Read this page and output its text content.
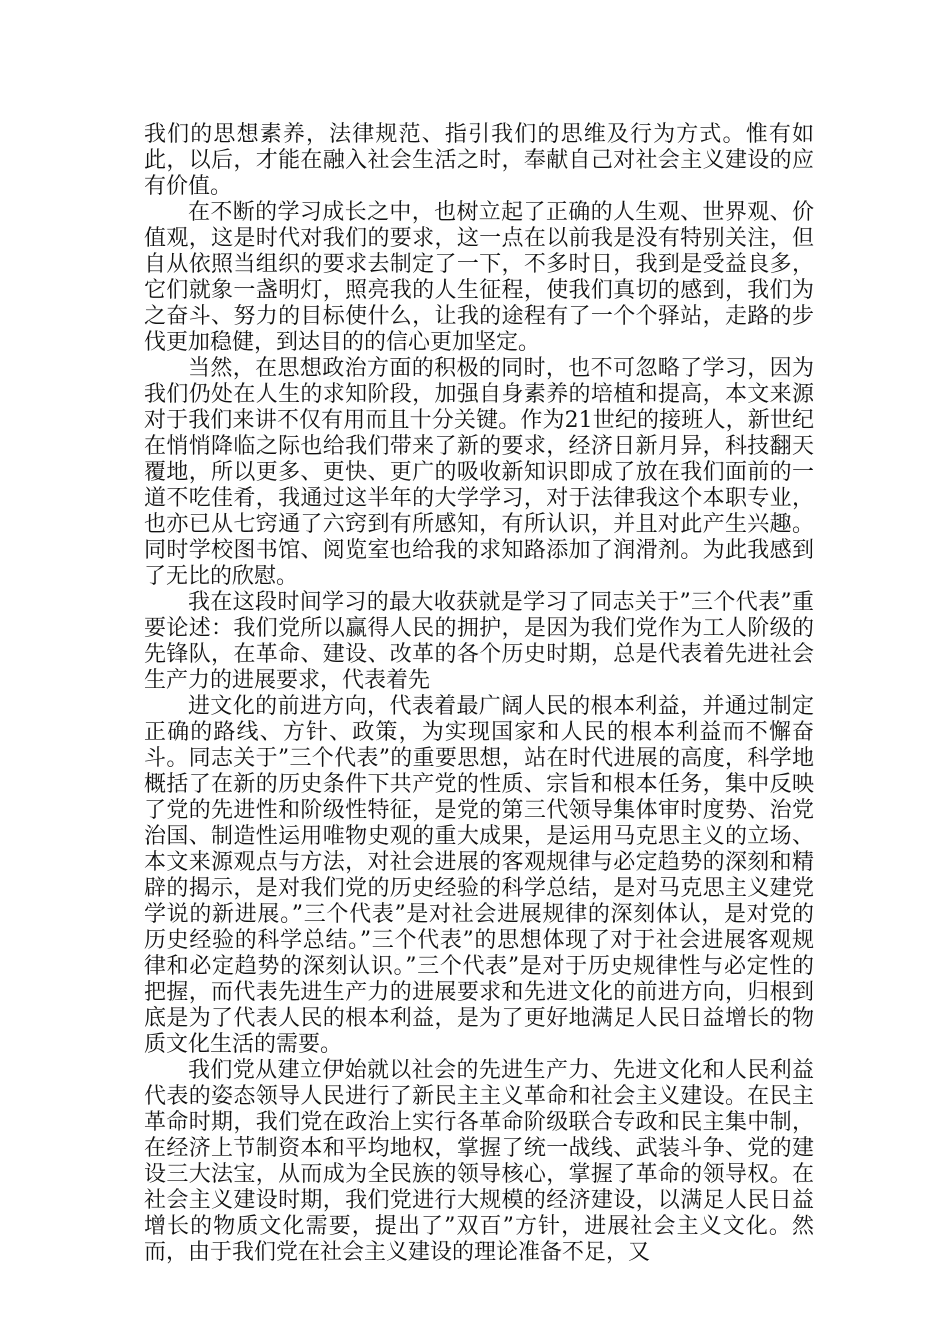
我们的思想素养，法律规范、指引我们的思维及行为方式。惟有如此，以后，才能在融入社会生活之时，奉献自己对社会主义建设的应有价值。

在不断的学习成长之中，也树立起了正确的人生观、世界观、价值观，这是时代对我们的要求，这一点在以前我是没有特别关注，但自从依照当组织的要求去制定了一下，不多时日，我到是受益良多，它们就象一盏明灯，照亮我的人生征程，使我们真切的感到，我们为之奋斗、努力的目标使什么，让我的途程有了一个个驿站，走路的步伐更加稳健，到达目的的信心更加坚定。

当然，在思想政治方面的积极的同时，也不可忽略了学习，因为我们仍处在人生的求知阶段，加强自身素养的培植和提高，本文来源对于我们来讲不仅有用而且十分关键。作为21世纪的接班人，新世纪在悄悄降临之际也给我们带来了新的要求，经济日新月异，科技翻天覆地，所以更多、更快、更广的吸收新知识即成了放在我们面前的一道不吃佳肴，我通过这半年的大学学习，对于法律我这个本职专业，也亦已从七窍通了六窍到有所感知，有所认识，并且对此产生兴趣。同时学校图书馆、阅览室也给我的求知路添加了润滑剂。为此我感到了无比的欣慰。

我在这段时间学习的最大收获就是学习了同志关于”三个代表”重要论述：我们党所以赢得人民的拥护，是因为我们党作为工人阶级的先锋队，在革命、建设、改革的各个历史时期，总是代表着先进社会生产力的进展要求，代表着先

进文化的前进方向，代表着最广阔人民的根本利益，并通过制定正确的路线、方针、政策，为实现国家和人民的根本利益而不懈奋斗。同志关于”三个代表”的重要思想，站在时代进展的高度，科学地概括了在新的历史条件下共产党的性质、宗旨和根本任务，集中反映了党的先进性和阶级性特征，是党的第三代领导集体审时度势、治党治国、制造性运用唯物史观的重大成果，是运用马克思主义的立场、本文来源观点与方法，对社会进展的客观规律与必定趋势的深刻和精辟的揭示，是对我们党的历史经验的科学总结，是对马克思主义建党学说的新进展。”三个代表”是对社会进展规律的深刻体认，是对党的历史经验的科学总结。”三个代表”的思想体现了对于社会进展客观规律和必定趋势的深刻认识。”三个代表”是对于历史规律性与必定性的把握，而代表先进生产力的进展要求和先进文化的前进方向，归根到底是为了代表人民的根本利益，是为了更好地满足人民日益增长的物质文化生活的需要。

我们党从建立伊始就以社会的先进生产力、先进文化和人民利益代表的姿态领导人民进行了新民主主义革命和社会主义建设。在民主革命时期，我们党在政治上实行各革命阶级联合专政和民主集中制，在经济上节制资本和平均地权，掌握了统一战线、武装斗争、党的建设三大法宝，从而成为全民族的领导核心，掌握了革命的领导权。在社会主义建设时期，我们党进行大规模的经济建设，以满足人民日益增长的物质文化需要，提出了”双百”方针，进展社会主义文化。然而，由于我们党在社会主义建设的理论准备不足，又
